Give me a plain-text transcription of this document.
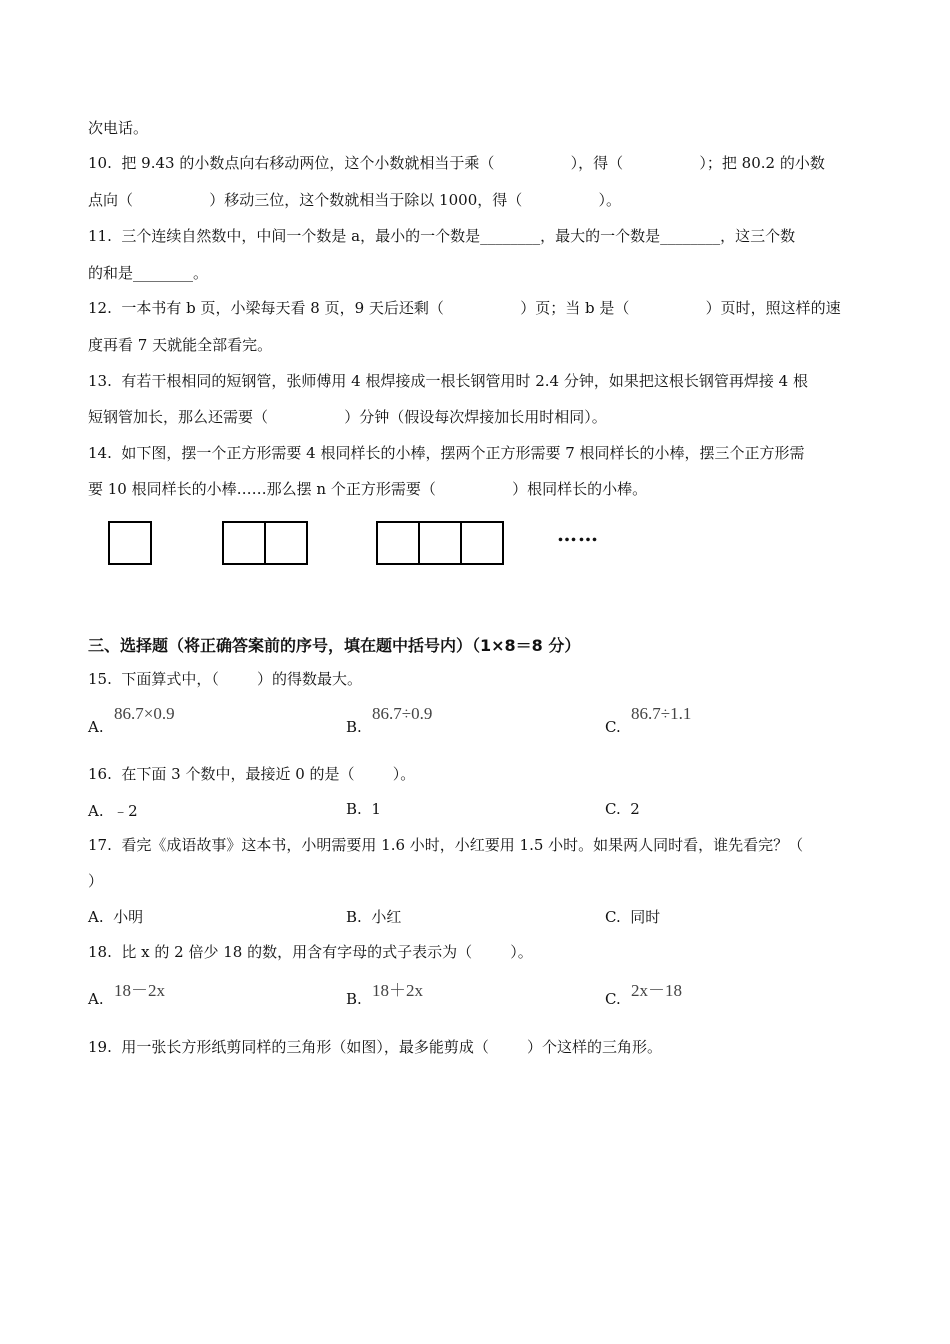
次电话。
10.  把 9.43 的小数点向右移动两位，这个小数就相当于乘（                ），得（                ）；把 80.2 的小数
点向（                ）移动三位，这个数就相当于除以 1000，得（                ）。
11.  三个连续自然数中，中间一个数是 a，最小的一个数是________，最大的一个数是________，这三个数
的和是________。
12.  一本书有 b 页，小梁每天看 8 页，9 天后还剩（                ）页；当 b 是（                ）页时，照这样的速
度再看 7 天就能全部看完。
13.  有若干根相同的短钢管，张师傅用 4 根焊接成一根长钢管用时 2.4 分钟，如果把这根长钢管再焊接 4 根
短钢管加长，那么还需要（                ）分钟（假设每次焊接加长用时相同）。
14.  如下图，摆一个正方形需要 4 根同样长的小棒，摆两个正方形需要 7 根同样长的小棒，摆三个正方形需
要 10 根同样长的小棒……那么摆 n 个正方形需要（                ）根同样长的小棒。
……
三、选择题（将正确答案前的序号，填在题中括号内）（1×8＝8 分）
15.  下面算式中，（        ）的得数最大。
A.
86.7×0.9
B.
86.7÷0.9
C.
86.7÷1.1
16.  在下面 3 个数中，最接近 0 的是（        ）。
A.  ﹣2	B.  1	C.  2
17.  看完《成语故事》这本书，小明需要用 1.6 小时，小红要用 1.5 小时。如果两人同时看，谁先看完？（
）
A.  小明	B.  小红	C.  同时
18.  比 x 的 2 倍少 18 的数，用含有字母的式子表示为（        ）。
A. 18－2x	B. 18＋2x	C. 2x－18
19.  用一张长方形纸剪同样的三角形（如图），最多能剪成（        ）个这样的三角形。
